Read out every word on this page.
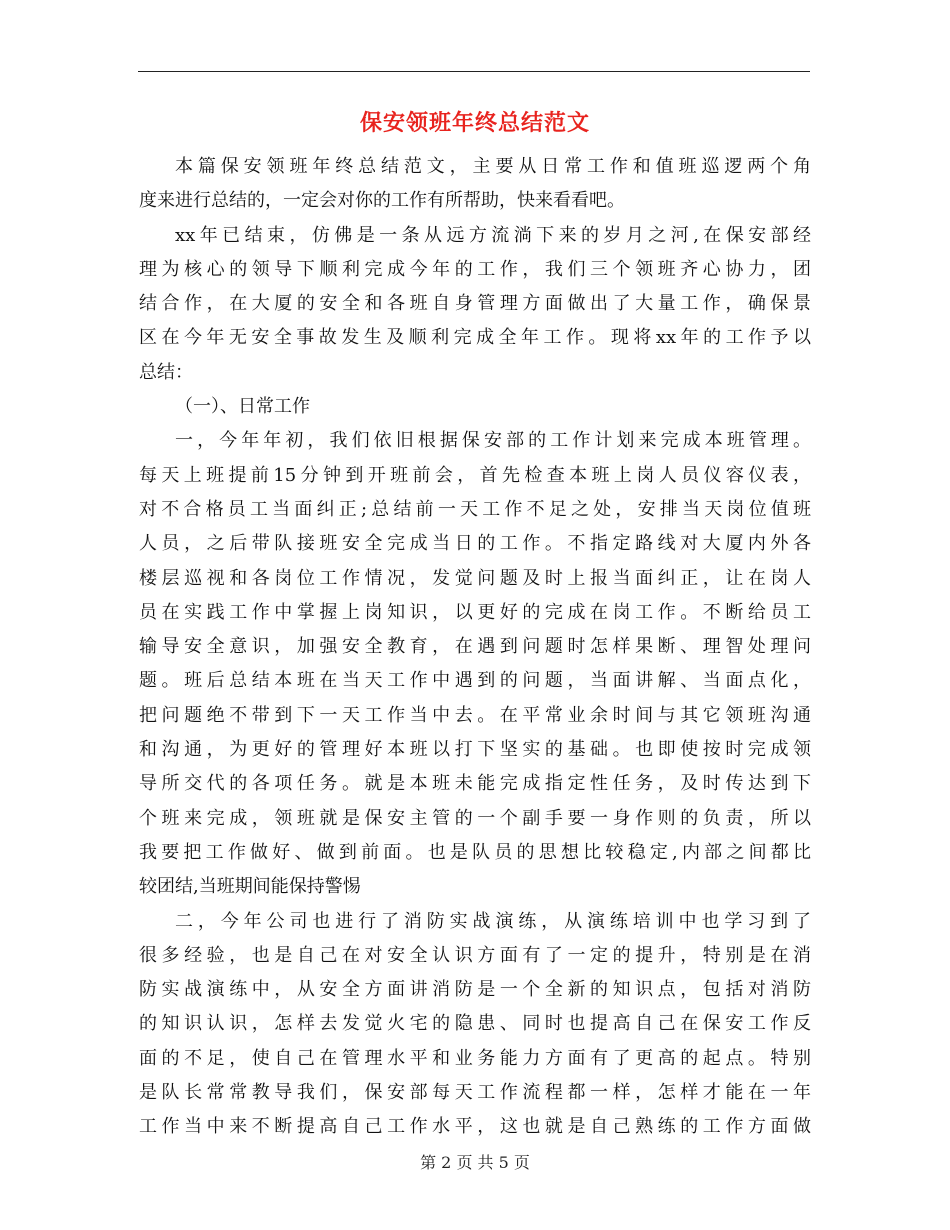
保安领班年终总结范文
本篇保安领班年终总结范文，主要从日常工作和值班巡逻两个角
度来进行总结的，一定会对你的工作有所帮助，快来看看吧。
xx年已结束，仿佛是一条从远方流淌下来的岁月之河,在保安部经
理为核心的领导下顺利完成今年的工作，我们三个领班齐心协力，团
结合作，在大厦的安全和各班自身管理方面做出了大量工作，确保景
区在今年无安全事故发生及顺利完成全年工作。现将xx年的工作予以
总结：
（一）、日常工作
一，今年年初，我们依旧根据保安部的工作计划来完成本班管理。
每天上班提前15分钟到开班前会，首先检查本班上岗人员仪容仪表，
对不合格员工当面纠正;总结前一天工作不足之处，安排当天岗位值班
人员，之后带队接班安全完成当日的工作。不指定路线对大厦内外各
楼层巡视和各岗位工作情况，发觉问题及时上报当面纠正，让在岗人
员在实践工作中掌握上岗知识，以更好的完成在岗工作。不断给员工
输导安全意识，加强安全教育，在遇到问题时怎样果断、理智处理问
题。班后总结本班在当天工作中遇到的问题，当面讲解、当面点化，
把问题绝不带到下一天工作当中去。在平常业余时间与其它领班沟通
和沟通，为更好的管理好本班以打下坚实的基础。也即使按时完成领
导所交代的各项任务。就是本班未能完成指定性任务，及时传达到下
个班来完成，领班就是保安主管的一个副手要一身作则的负责，所以
我要把工作做好、做到前面。也是队员的思想比较稳定,内部之间都比
较团结,当班期间能保持警惕
二，今年公司也进行了消防实战演练，从演练培训中也学习到了
很多经验，也是自己在对安全认识方面有了一定的提升，特别是在消
防实战演练中，从安全方面讲消防是一个全新的知识点，包括对消防
的知识认识，怎样去发觉火宅的隐患、同时也提高自己在保安工作反
面的不足，使自己在管理水平和业务能力方面有了更高的起点。特别
是队长常常教导我们，保安部每天工作流程都一样，怎样才能在一年
工作当中来不断提高自己工作水平，这也就是自己熟练的工作方面做
第 2 页 共 5 页
